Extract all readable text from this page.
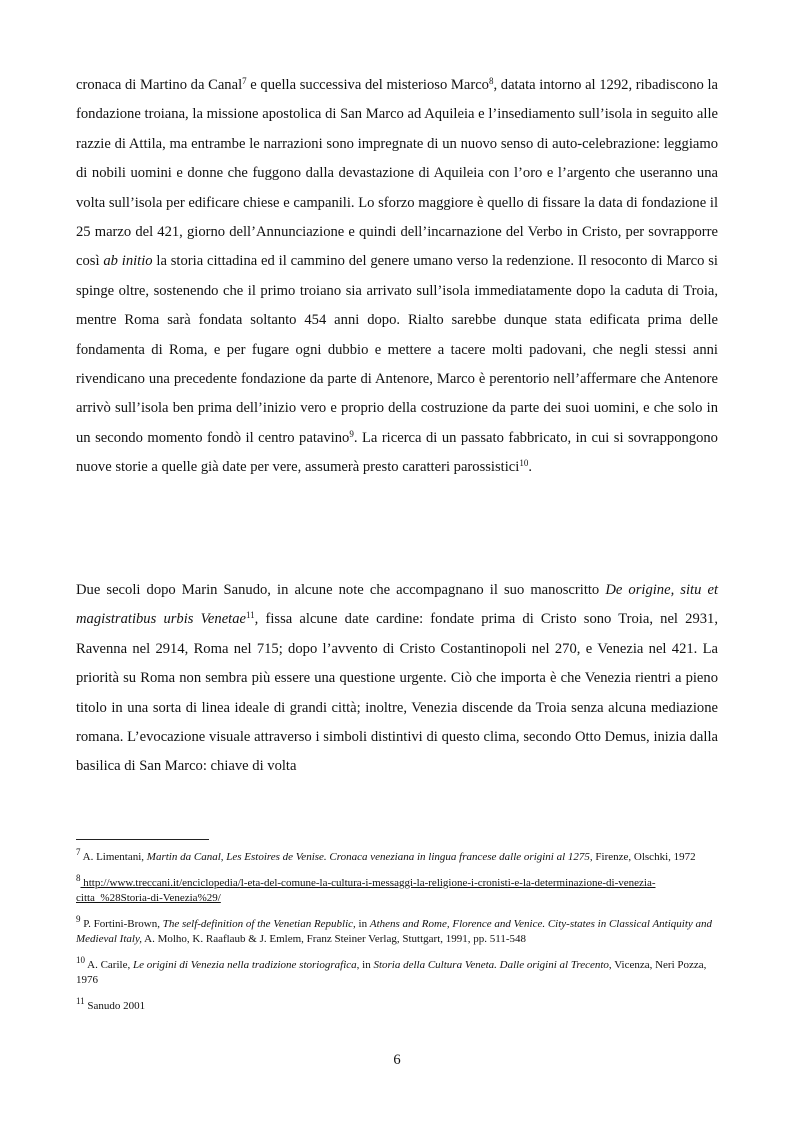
cronaca di Martino da Canal$^7$ e quella successiva del misterioso Marco$^8$, datata intorno al 1292, ribadiscono la fondazione troiana, la missione apostolica di San Marco ad Aquileia e l’insediamento sull’isola in seguito alle razzie di Attila, ma entrambe le narrazioni sono impregnate di un nuovo senso di auto-celebrazione: leggiamo di nobili uomini e donne che fuggono dalla devastazione di Aquileia con l’oro e l’argento che useranno una volta sull’isola per edificare chiese e campanili. Lo sforzo maggiore è quello di fissare la data di fondazione il 25 marzo del 421, giorno dell’Annunciazione e quindi dell’incarnazione del Verbo in Cristo, per sovrapporre così ab initio la storia cittadina ed il cammino del genere umano verso la redenzione. Il resoconto di Marco si spinge oltre, sostenendo che il primo troiano sia arrivato sull’isola immediatamente dopo la caduta di Troia, mentre Roma sarà fondata soltanto 454 anni dopo. Rialto sarebbe dunque stata edificata prima delle fondamenta di Roma, e per fugare ogni dubbio e mettere a tacere molti padovani, che negli stessi anni rivendicano una precedente fondazione da parte di Antenore, Marco è perentorio nell’affermare che Antenore arrivò sull’isola ben prima dell’inizio vero e proprio della costruzione da parte dei suoi uomini, e che solo in un secondo momento fondò il centro patavino$^9$. La ricerca di un passato fabbricato, in cui si sovrappongono nuove storie a quelle già date per vere, assumerà presto caratteri parossistici$^{10}$.
Due secoli dopo Marin Sanudo, in alcune note che accompagnano il suo manoscritto De origine, situ et magistratibus urbis Venetae$^{11}$, fissa alcune date cardine: fondate prima di Cristo sono Troia, nel 2931, Ravenna nel 2914, Roma nel 715; dopo l’avvento di Cristo Costantinopoli nel 270, e Venezia nel 421. La priorità su Roma non sembra più essere una questione urgente. Ciò che importa è che Venezia rientri a pieno titolo in una sorta di linea ideale di grandi città; inoltre, Venezia discende da Troia senza alcuna mediazione romana. L’evocazione visuale attraverso i simboli distintivi di questo clima, secondo Otto Demus, inizia dalla basilica di San Marco: chiave di volta
$^7$ A. Limentani, Martin da Canal, Les Estoires de Venise. Cronaca veneziana in lingua francese dalle origini al 1275, Firenze, Olschki, 1972
$^8$ http://www.treccani.it/enciclopedia/l-eta-del-comune-la-cultura-i-messaggi-la-religione-i-cronisti-e-la-determinazione-di-venezia-citta_%28Storia-di-Venezia%29/
$^9$ P. Fortini-Brown, The self-definition of the Venetian Republic, in Athens and Rome, Florence and Venice. City-states in Classical Antiquity and Medieval Italy, A. Molho, K. Raaflaub & J. Emlem, Franz Steiner Verlag, Stuttgart, 1991, pp. 511-548
$^{10}$ A. Carile, Le origini di Venezia nella tradizione storiografica, in Storia della Cultura Veneta. Dalle origini al Trecento, Vicenza, Neri Pozza, 1976
$^{11}$ Sanudo 2001
6
